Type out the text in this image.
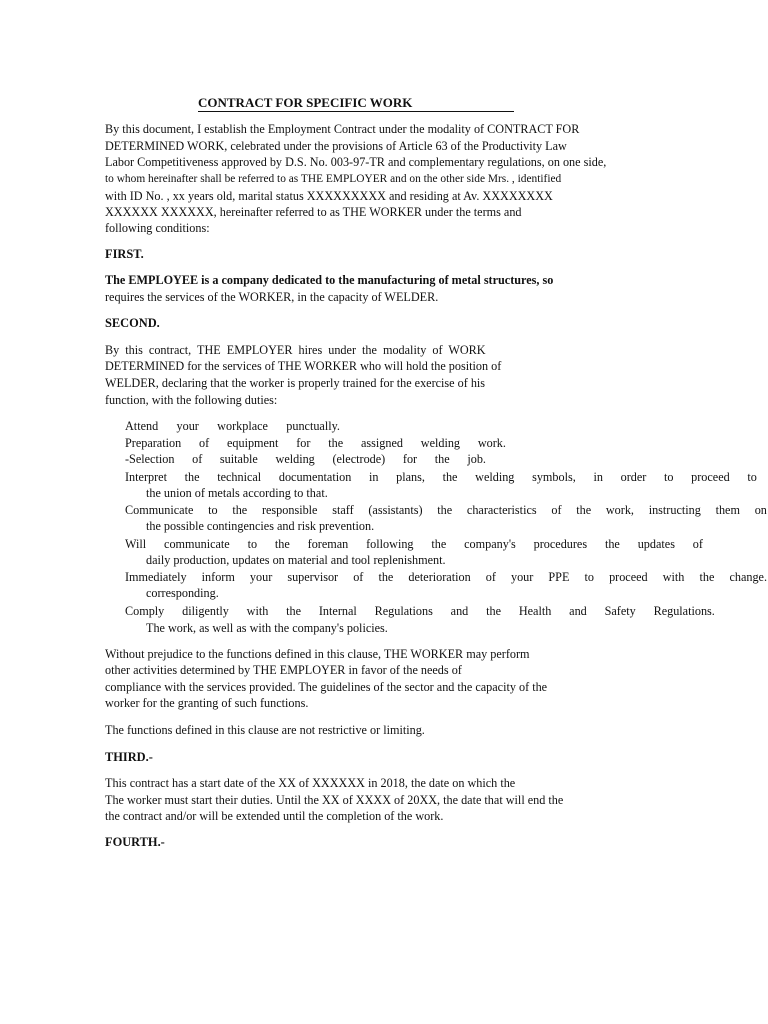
CONTRACT FOR SPECIFIC WORK
By this document, I establish the Employment Contract under the modality of CONTRACT FOR
DETERMINED WORK, celebrated under the provisions of Article 63 of the Productivity Law
Labor Competitiveness approved by D.S. No. 003-97-TR and complementary regulations, on one side,
to whom hereinafter shall be referred to as THE EMPLOYER and on the other side Mrs. , identified
with ID No. , xx years old, marital status XXXXXXXXX and residing at Av. XXXXXXXX
XXXXXX XXXXXX, hereinafter referred to as THE WORKER under the terms and
following conditions:
FIRST.
The EMPLOYEE is a company dedicated to the manufacturing of metal structures, so
requires the services of the WORKER, in the capacity of WELDER.
SECOND.
By this contract, THE EMPLOYER hires under the modality of WORK
DETERMINED for the services of THE WORKER who will hold the position of
WELDER, declaring that the worker is properly trained for the exercise of his
function, with the following duties:
Attend your workplace punctually.
Preparation of equipment for the assigned welding work.
-Selection of suitable welding (electrode) for the job.
Interpret the technical documentation in plans, the welding symbols, in order to proceed to
the union of metals according to that.
Communicate to the responsible staff (assistants) the characteristics of the work, instructing them on
the possible contingencies and risk prevention.
Will communicate to the foreman following the company's procedures the updates of
daily production, updates on material and tool replenishment.
Immediately inform your supervisor of the deterioration of your PPE to proceed with the change.
corresponding.
Comply diligently with the Internal Regulations and the Health and Safety Regulations.
The work, as well as with the company's policies.
Without prejudice to the functions defined in this clause, THE WORKER may perform
other activities determined by THE EMPLOYER in favor of the needs of
compliance with the services provided. The guidelines of the sector and the capacity of the
worker for the granting of such functions.
The functions defined in this clause are not restrictive or limiting.
THIRD.-
This contract has a start date of the XX of XXXXXX in 2018, the date on which the
The worker must start their duties. Until the XX of XXXX of 20XX, the date that will end the
the contract and/or will be extended until the completion of the work.
FOURTH.-
